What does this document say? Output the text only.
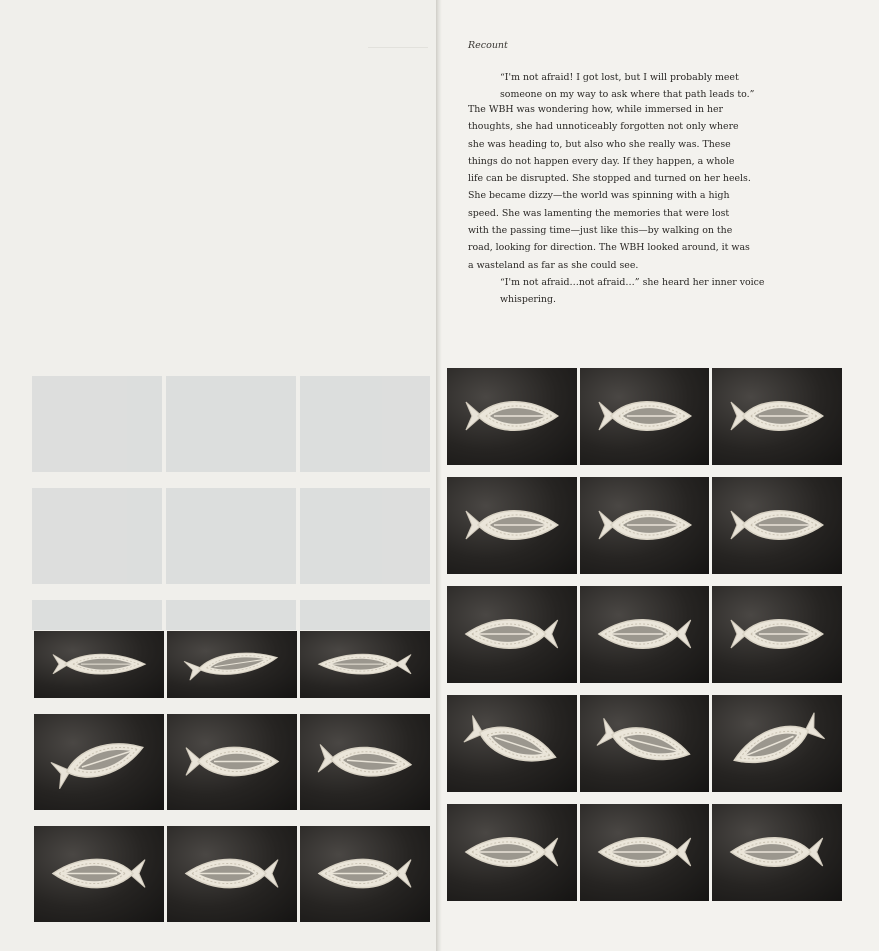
Recount

“I'm not afraid! I got lost, but I will probably meet someone on my way to ask where that path leads to.”

The WBH was wondering how, while immersed in her thoughts, she had unnoticeably forgotten not only where she was heading to, but also who she really was. These things do not happen every day. If they happen, a whole life can be disrupted. She stopped and turned on her heels. She became dizzy—the world was spinning with a high speed. She was lamenting the memories that were lost with the passing time—just like this—by walking on the road, looking for direction. The WBH looked around, it was a wasteland as far as she could see.

“I'm not afraid…not afraid…” she heard her inner voice whispering.
